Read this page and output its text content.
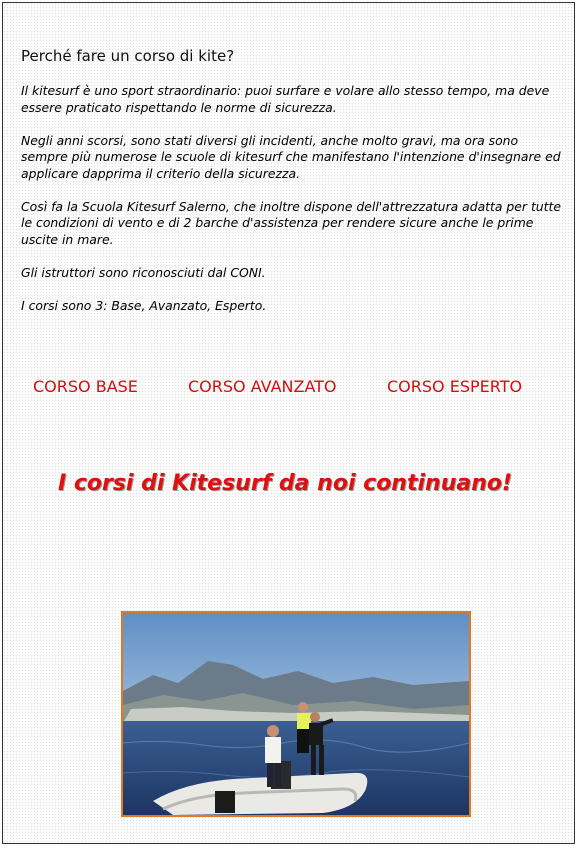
Perché fare un corso di kite?

Il kitesurf è uno sport straordinario: puoi surfare e volare allo stesso tempo, ma deve essere praticato rispettando le norme di sicurezza.

Negli anni scorsi, sono stati diversi gli incidenti, anche molto gravi, ma ora sono sempre più numerose le scuole di kitesurf che manifestano l'intenzione d'insegnare ed applicare dapprima il criterio della sicurezza.

Così fa la Scuola Kitesurf Salerno, che inoltre dispone dell'attrezzatura adatta per tutte le condizioni di vento e di 2 barche d'assistenza per rendere sicure anche le prime uscite in mare.

Gli istruttori sono riconosciuti dal CONI.

I corsi sono 3: Base, Avanzato, Esperto.

CORSO BASE	CORSO AVANZATO	CORSO ESPERTO

I corsi di Kitesurf da noi continuano!
